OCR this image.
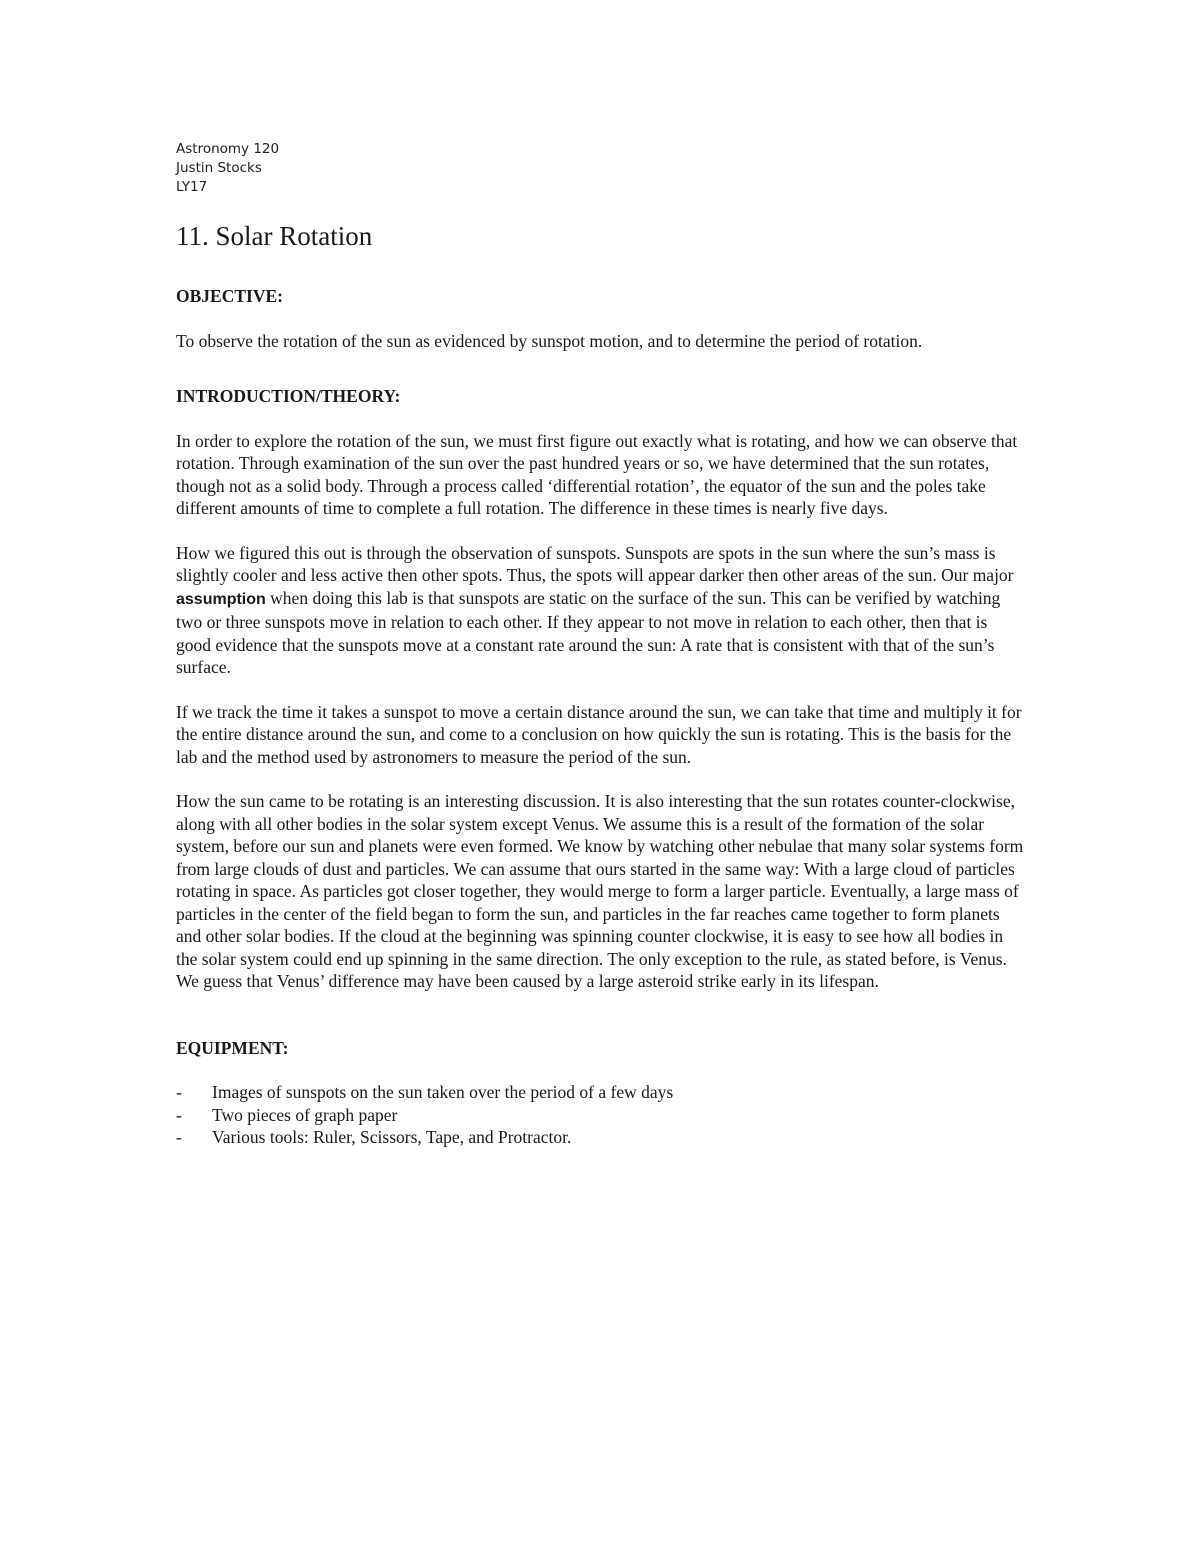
Astronomy 120
Justin Stocks
LY17
11. Solar Rotation
OBJECTIVE:

To observe the rotation of the sun as evidenced by sunspot motion, and to determine the period of rotation.

INTRODUCTION/THEORY:

In order to explore the rotation of the sun, we must first figure out exactly what is rotating, and how we can observe that rotation. Through examination of the sun over the past hundred years or so, we have determined that the sun rotates, though not as a solid body. Through a process called ‘differential rotation’, the equator of the sun and the poles take different amounts of time to complete a full rotation. The difference in these times is nearly five days.

How we figured this out is through the observation of sunspots. Sunspots are spots in the sun where the sun’s mass is slightly cooler and less active then other spots. Thus, the spots will appear darker then other areas of the sun. Our major assumption when doing this lab is that sunspots are static on the surface of the sun. This can be verified by watching two or three sunspots move in relation to each other. If they appear to not move in relation to each other, then that is good evidence that the sunspots move at a constant rate around the sun: A rate that is consistent with that of the sun’s surface.

If we track the time it takes a sunspot to move a certain distance around the sun, we can take that time and multiply it for the entire distance around the sun, and come to a conclusion on how quickly the sun is rotating. This is the basis for the lab and the method used by astronomers to measure the period of the sun.

How the sun came to be rotating is an interesting discussion. It is also interesting that the sun rotates counter-clockwise, along with all other bodies in the solar system except Venus. We assume this is a result of the formation of the solar system, before our sun and planets were even formed. We know by watching other nebulae that many solar systems form from large clouds of dust and particles. We can assume that ours started in the same way: With a large cloud of particles rotating in space. As particles got closer together, they would merge to form a larger particle. Eventually, a large mass of particles in the center of the field began to form the sun, and particles in the far reaches came together to form planets and other solar bodies. If the cloud at the beginning was spinning counter clockwise, it is easy to see how all bodies in the solar system could end up spinning in the same direction. The only exception to the rule, as stated before, is Venus. We guess that Venus’ difference may have been caused by a large asteroid strike early in its lifespan.

EQUIPMENT:
- Images of sunspots on the sun taken over the period of a few days
- Two pieces of graph paper
- Various tools: Ruler, Scissors, Tape, and Protractor.
